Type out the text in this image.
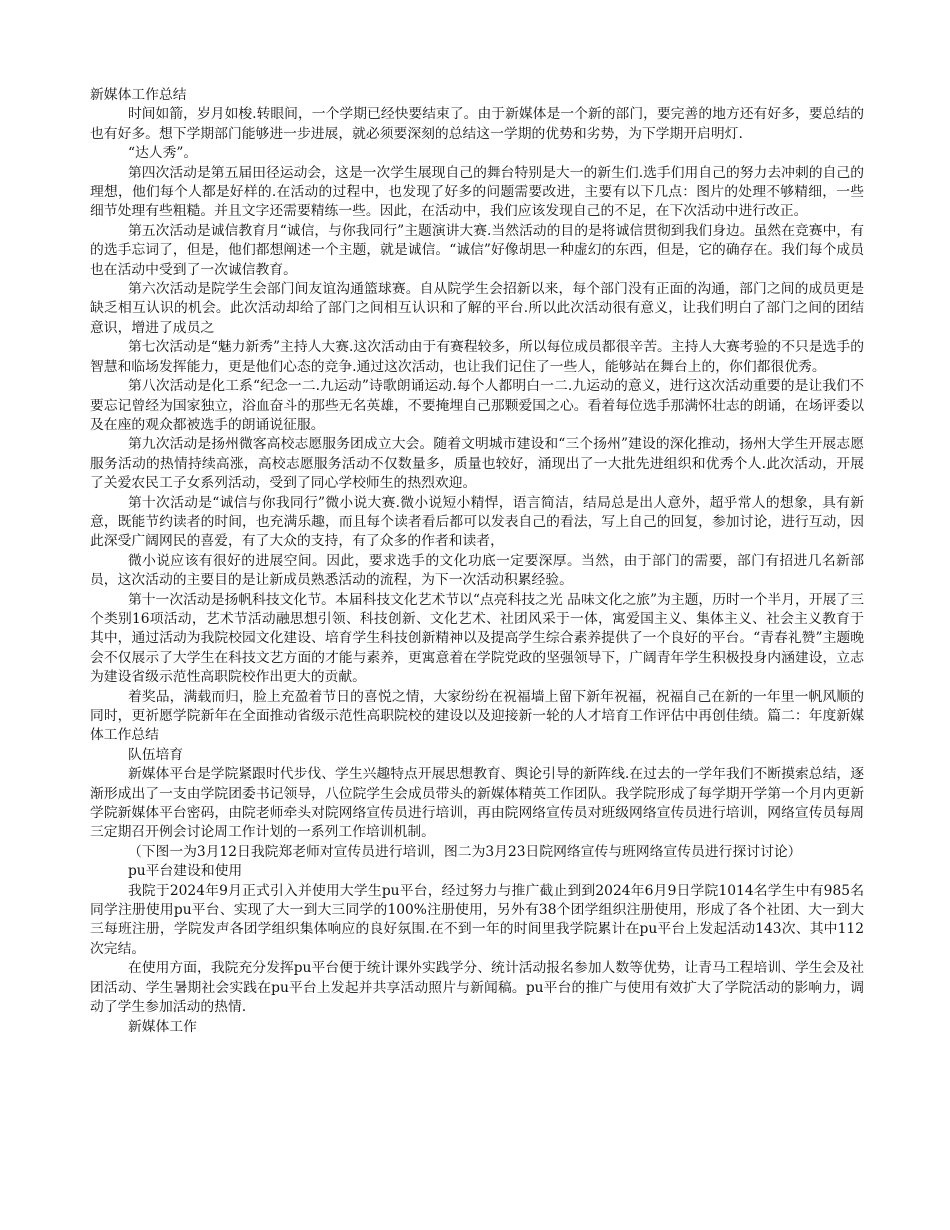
新媒体工作总结

时间如箭，岁月如梭.转眼间，一个学期已经快要结束了。由于新媒体是一个新的部门，要完善的地方还有好多，要总结的也有好多。想下学期部门能够进一步进展，就必须要深刻的总结这一学期的优势和劣势，为下学期开启明灯.

“达人秀”。

第四次活动是第五届田径运动会，这是一次学生展现自己的舞台特别是大一的新生们.选手们用自己的努力去冲刺的自己的理想，他们每个人都是好样的.在活动的过程中，也发现了好多的问题需要改进，主要有以下几点：图片的处理不够精细，一些细节处理有些粗糙。并且文字还需要精练一些。因此，在活动中，我们应该发现自己的不足，在下次活动中进行改正。

第五次活动是诚信教育月“诚信，与你我同行”主题演讲大赛.当然活动的目的是将诚信贯彻到我们身边。虽然在竞赛中，有的选手忘词了，但是，他们都想阐述一个主题，就是诚信。“诚信”好像胡思一种虚幻的东西，但是，它的确存在。我们每个成员也在活动中受到了一次诚信教育。

第六次活动是院学生会部门间友谊沟通篮球赛。自从院学生会招新以来，每个部门没有正面的沟通，部门之间的成员更是缺乏相互认识的机会。此次活动却给了部门之间相互认识和了解的平台.所以此次活动很有意义，让我们明白了部门之间的团结意识，增进了成员之

第七次活动是“魅力新秀”主持人大赛.这次活动由于有赛程较多，所以每位成员都很辛苦。主持人大赛考验的不只是选手的智慧和临场发挥能力，更是他们心态的竞争.通过这次活动，也让我们记住了一些人，能够站在舞台上的，你们都很优秀。

第八次活动是化工系“纪念一二.九运动”诗歌朗诵运动.每个人都明白一二.九运动的意义，进行这次活动重要的是让我们不要忘记曾经为国家独立，浴血奋斗的那些无名英雄，不要掩埋自己那颗爱国之心。看着每位选手那满怀壮志的朗诵，在场评委以及在座的观众都被选手的朗诵说征服。

第九次活动是扬州微客高校志愿服务团成立大会。随着文明城市建设和“三个扬州”建设的深化推动，扬州大学生开展志愿服务活动的热情持续高涨，高校志愿服务活动不仅数量多，质量也较好，涌现出了一大批先进组织和优秀个人.此次活动，开展了关爱农民工子女系列活动，受到了同心学校师生的热烈欢迎。

第十次活动是“诚信与你我同行”微小说大赛.微小说短小精悍，语言简洁，结局总是出人意外，超乎常人的想象，具有新意，既能节约读者的时间，也充满乐趣，而且每个读者看后都可以发表自己的看法，写上自己的回复，参加讨论，进行互动，因此深受广阔网民的喜爱，有了大众的支持，有了众多的作者和读者，

微小说应该有很好的进展空间。因此，要求选手的文化功底一定要深厚。当然，由于部门的需要，部门有招进几名新部员，这次活动的主要目的是让新成员熟悉活动的流程，为下一次活动积累经验。

第十一次活动是扬帆科技文化节。本届科技文化艺术节以“点亮科技之光 品味文化之旅”为主题，历时一个半月，开展了三个类别16项活动，艺术节活动融思想引领、科技创新、文化艺术、社团风采于一体，寓爱国主义、集体主义、社会主义教育于其中，通过活动为我院校园文化建设、培育学生科技创新精神以及提高学生综合素养提供了一个良好的平台。“青春礼赞”主题晚会不仅展示了大学生在科技文艺方面的才能与素养，更寓意着在学院党政的坚强领导下，广阔青年学生积极投身内涵建设，立志为建设省级示范性高职院校作出更大的贡献。

着奖品，满载而归，脸上充盈着节日的喜悦之情，大家纷纷在祝福墙上留下新年祝福，祝福自己在新的一年里一帆风顺的同时，更祈愿学院新年在全面推动省级示范性高职院校的建设以及迎接新一轮的人才培育工作评估中再创佳绩。篇二：年度新媒体工作总结

队伍培育

新媒体平台是学院紧跟时代步伐、学生兴趣特点开展思想教育、舆论引导的新阵线.在过去的一学年我们不断摸索总结，逐渐形成出了一支由学院团委书记领导，八位院学生会成员带头的新媒体精英工作团队。我学院形成了每学期开学第一个月内更新学院新媒体平台密码，由院老师牵头对院网络宣传员进行培训，再由院网络宣传员对班级网络宣传员进行培训，网络宣传员每周三定期召开例会讨论周工作计划的一系列工作培训机制。

（下图一为3月12日我院郑老师对宣传员进行培训，图二为3月23日院网络宣传与班网络宣传员进行探讨讨论）

pu平台建设和使用

我院于2024年9月正式引入并使用大学生pu平台，经过努力与推广截止到到2024年6月9日学院1014名学生中有985名同学注册使用pu平台、实现了大一到大三同学的100%注册使用，另外有38个团学组织注册使用，形成了各个社团、大一到大三每班注册，学院发声各团学组织集体响应的良好氛围.在不到一年的时间里我学院累计在pu平台上发起活动143次、其中112次完结。

在使用方面，我院充分发挥pu平台便于统计课外实践学分、统计活动报名参加人数等优势，让青马工程培训、学生会及社团活动、学生暑期社会实践在pu平台上发起并共享活动照片与新闻稿。pu平台的推广与使用有效扩大了学院活动的影响力，调动了学生参加活动的热情.

新媒体工作
